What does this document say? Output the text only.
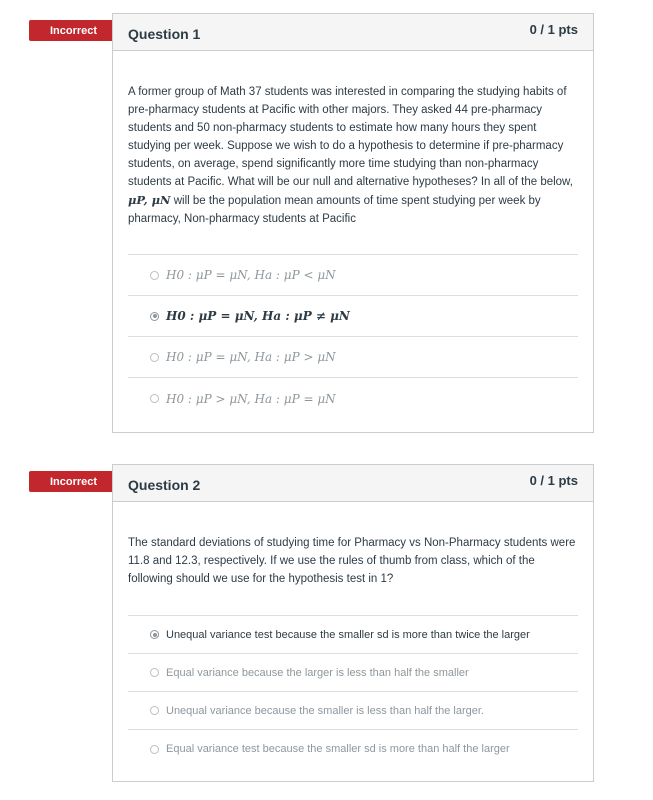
Incorrect	Question 1	0 / 1 pts
A former group of Math 37 students was interested in comparing the studying habits of pre-pharmacy students at Pacific with other majors. They asked 44 pre-pharmacy students and 50 non-pharmacy students to estimate how many hours they spent studying per week. Suppose we wish to do a hypothesis to determine if pre-pharmacy students, on average, spend significantly more time studying than non-pharmacy students at Pacific. What will be our null and alternative hypotheses? In all of the below, μP, μN will be the population mean amounts of time spent studying per week by pharmacy, Non-pharmacy students at Pacific
H0 : μP = μN, Ha : μP < μN
H0 : μP = μN, Ha : μP ≠ μN
H0 : μP = μN, Ha : μP > μN
H0 : μP > μN, Ha : μP = μN
Incorrect	Question 2	0 / 1 pts
The standard deviations of studying time for Pharmacy vs Non-Pharmacy students were 11.8 and 12.3, respectively. If we use the rules of thumb from class, which of the following should we use for the hypothesis test in 1?
Unequal variance test because the smaller sd is more than twice the larger
Equal variance because the larger is less than half the smaller
Unequal variance because the smaller is less than half the larger.
Equal variance test because the smaller sd is more than half the larger
